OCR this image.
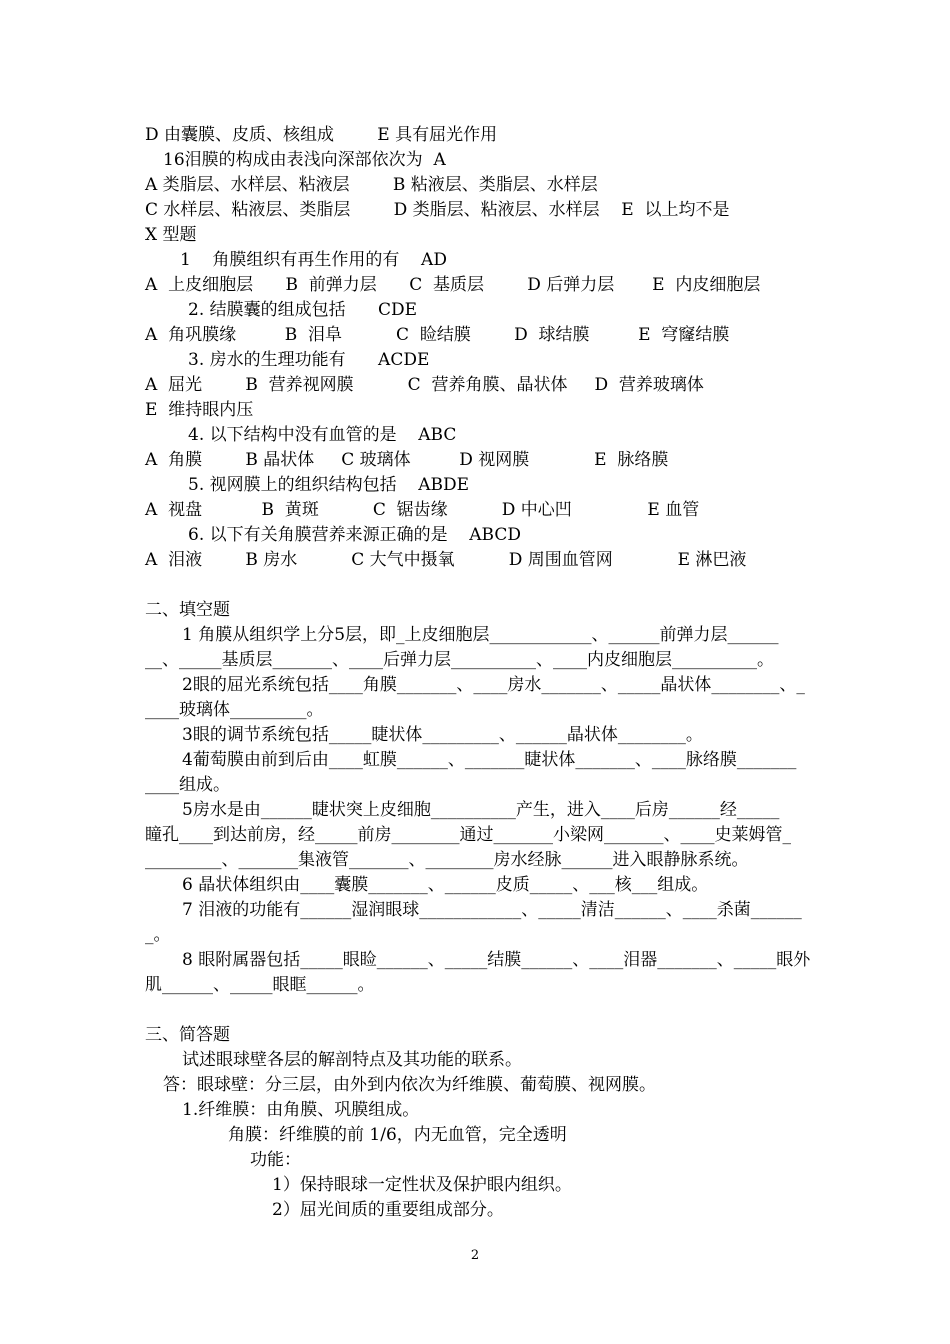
D 由囊膜、皮质、核组成        E 具有屈光作用
16泪膜的构成由表浅向深部依次为  A
A 类脂层、水样层、粘液层        B 粘液层、类脂层、水样层
C 水样层、粘液层、类脂层        D 类脂层、粘液层、水样层    E  以上均不是
X 型题
1    角膜组织有再生作用的有    AD
A  上皮细胞层      B  前弹力层      C  基质层        D 后弹力层       E  内皮细胞层
2. 结膜囊的组成包括      CDE
A  角巩膜缘         B  泪阜          C  睑结膜        D  球结膜         E  穹窿结膜
3. 房水的生理功能有      ACDE
A  屈光        B  营养视网膜          C  营养角膜、晶状体     D  营养玻璃体
E  维持眼内压
4. 以下结构中没有血管的是    ABC
A  角膜        B 晶状体     C 玻璃体         D 视网膜            E  脉络膜
5. 视网膜上的组织结构包括    ABDE
A  视盘           B  黄斑          C  锯齿缘          D 中心凹              E 血管
6. 以下有关角膜营养来源正确的是    ABCD
A  泪液        B 房水          C 大气中摄氧          D 周围血管网            E 淋巴液
二、填空题
1 角膜从组织学上分5层，即_上皮细胞层____________、______前弹力层______
__、_____基质层_______、____后弹力层__________、____内皮细胞层__________。
2眼的屈光系统包括____角膜_______、____房水_______、_____晶状体________、_
____玻璃体_________。
3眼的调节系统包括_____睫状体_________、______晶状体________。
4葡萄膜由前到后由____虹膜______、_______睫状体_______、____脉络膜_______
____组成。
5房水是由______睫状突上皮细胞__________产生，进入____后房______经_____
瞳孔____到达前房，经_____前房________通过_______小梁网_______、____史莱姆管_
_________、_______集液管_______、________房水经脉______进入眼静脉系统。
6 晶状体组织由____囊膜_______、______皮质_____、___核___组成。
7 泪液的功能有______湿润眼球____________、_____清洁______、____杀菌______
_。
8 眼附属器包括_____眼睑______、_____结膜______、____泪器_______、_____眼外
肌______、_____眼眶______。
三、简答题
试述眼球壁各层的解剖特点及其功能的联系。
答：眼球壁：分三层，由外到内依次为纤维膜、葡萄膜、视网膜。
1.纤维膜：由角膜、巩膜组成。
角膜：纤维膜的前 1/6，内无血管，完全透明
功能：
1）保持眼球一定性状及保护眼内组织。
2）屈光间质的重要组成部分。
2
